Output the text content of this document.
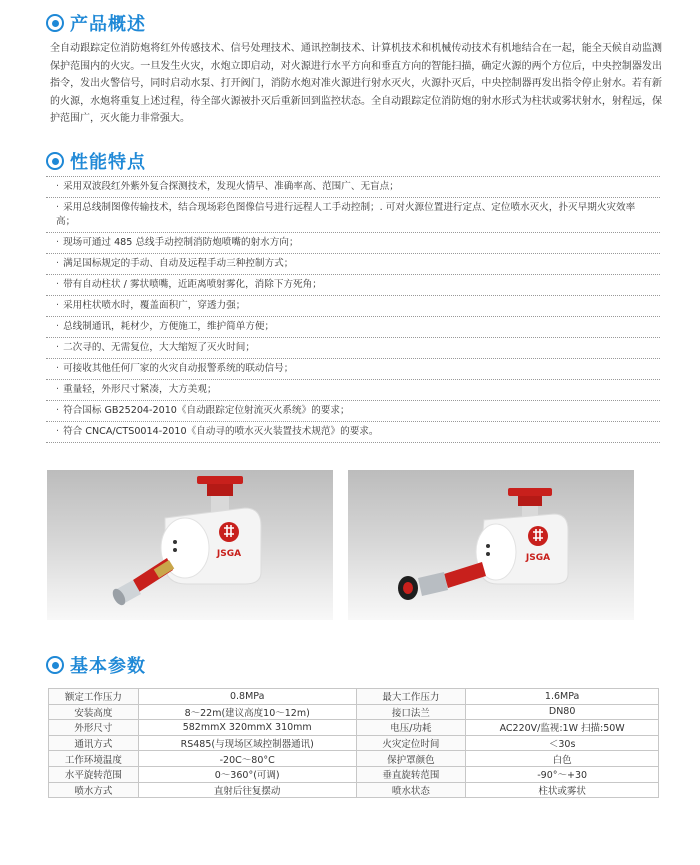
产品概述
全自动跟踪定位消防炮将红外传感技术、信号处理技术、通讯控制技术、计算机技术和机械传动技术有机地结合在一起，能全天候自动监测保护范围内的火灾。一旦发生火灾，水炮立即启动，对火源进行水平方向和垂直方向的智能扫描，确定火源的两个方位后，中央控制器发出指令，发出火警信号，同时启动水泵、打开阀门，消防水炮对准火源进行射水灭火，火源扑灭后，中央控制器再发出指令停止射水。若有新的火源，水炮将重复上述过程，待全部火源被扑灭后重新回到监控状态。全自动跟踪定位消防炮的射水形式为柱状或雾状射水，射程远，保护范围广，灭火能力非常强大。
性能特点
· 采用双波段红外紫外复合探测技术，发现火情早、准确率高、范围广、无盲点；
· 采用总线制图像传输技术，结合现场彩色图像信号进行远程人工手动控制；. 可对火源位置进行定点、定位喷水灭火，扑灭早期火灾效率高；
· 现场可通过 485 总线手动控制消防炮喷嘴的射水方向；
· 满足国标规定的手动、自动及远程手动三种控制方式；
· 带有自动柱状 / 雾状喷嘴，近距离喷射雾化，消除下方死角；
· 采用柱状喷水时，覆盖面积广，穿透力强；
· 总线制通讯，耗材少，方便施工，维护简单方便；
· 二次寻的、无需复位，大大缩短了灭火时间；
· 可接收其他任何厂家的火灾自动报警系统的联动信号；
· 重量轻，外形尺寸紧凑，大方美观；
· 符合国标 GB25204-2010《自动跟踪定位射流灭火系统》的要求；
· 符合 CNCA/CTS0014-2010《自动寻的喷水灭火装置技术规范》的要求。
JSGA	JSGA
基本参数
额定工作压力	0.8MPa	最大工作压力	1.6MPa
安装高度	8～22m(建议高度10～12m)	接口法兰	DN80
外形尺寸	582mmX 320mmX 310mm	电压/功耗	AC220V/监视:1W 扫描:50W
通讯方式	RS485(与现场区域控制器通讯)	火灾定位时间	＜30s
工作环境温度	-20C～80°C	保护罩颜色	白色
水平旋转范围	0～360°(可调)	垂直旋转范围	-90°～+30
喷水方式	直射后往复摆动	喷水状态	柱状或雾状
